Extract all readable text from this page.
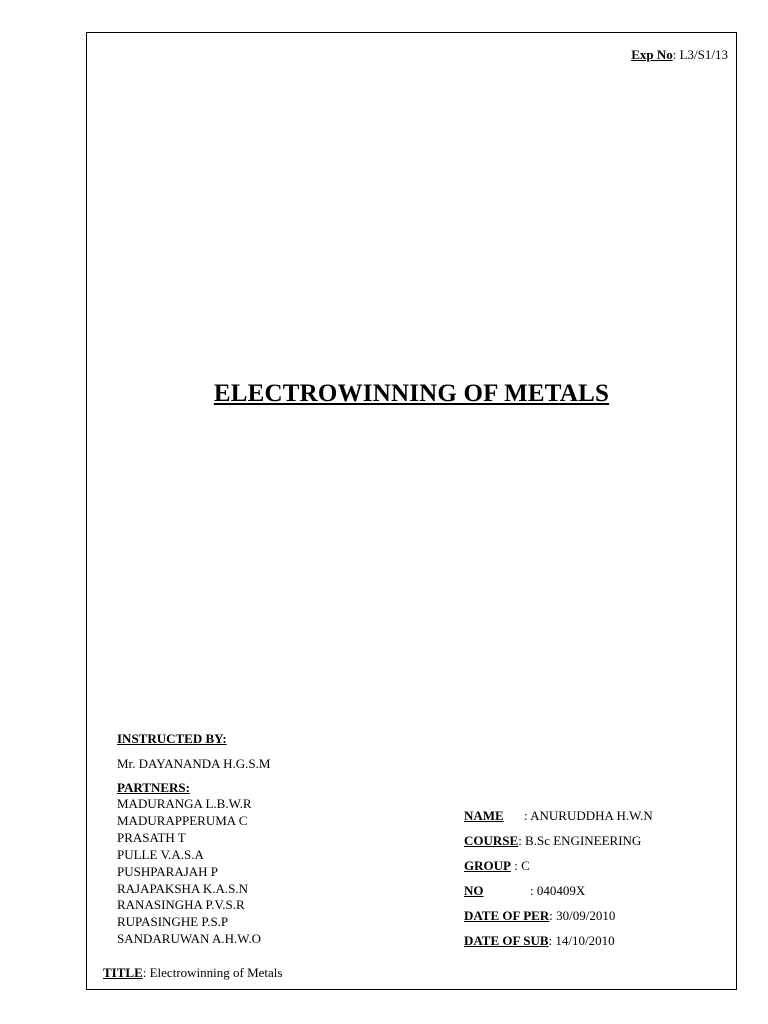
Exp No: L3/S1/13
ELECTROWINNING OF METALS
INSTRUCTED BY:
Mr. DAYANANDA H.G.S.M
PARTNERS:
MADURANGA L.B.W.R
MADURAPPERUMA C
PRASATH T
PULLE V.A.S.A
PUSHPARAJAH P
RAJAPAKSHA K.A.S.N
RANASINGHA P.V.S.R
RUPASINGHE P.S.P
SANDARUWAN A.H.W.O
NAME : ANURUDDHA H.W.N
COURSE: B.Sc ENGINEERING
GROUP : C
NO	: 040409X
DATE OF PER: 30/09/2010
DATE OF SUB: 14/10/2010
TITLE: Electrowinning of Metals
